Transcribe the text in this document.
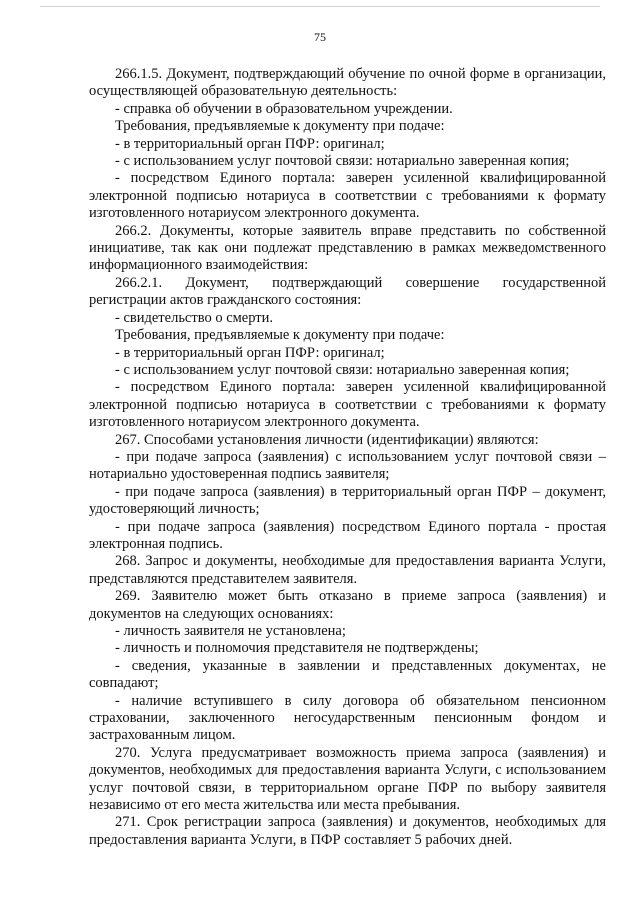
75

266.1.5. Документ, подтверждающий обучение по очной форме в организации, осуществляющей образовательную деятельность:

- справка об обучении в образовательном учреждении.

Требования, предъявляемые к документу при подаче:

- в территориальный орган ПФР: оригинал;

- с использованием услуг почтовой связи: нотариально заверенная копия;

- посредством Единого портала: заверен усиленной квалифицированной электронной подписью нотариуса в соответствии с требованиями к формату изготовленного нотариусом электронного документа.

266.2. Документы, которые заявитель вправе представить по собственной инициативе, так как они подлежат представлению в рамках межведомственного информационного взаимодействия:

266.2.1. Документ, подтверждающий совершение государственной регистрации актов гражданского состояния:

- свидетельство о смерти.

Требования, предъявляемые к документу при подаче:

- в территориальный орган ПФР: оригинал;

- с использованием услуг почтовой связи: нотариально заверенная копия;

- посредством Единого портала: заверен усиленной квалифицированной электронной подписью нотариуса в соответствии с требованиями к формату изготовленного нотариусом электронного документа.

267. Способами установления личности (идентификации) являются:

- при подаче запроса (заявления) с использованием услуг почтовой связи – нотариально удостоверенная подпись заявителя;

- при подаче запроса (заявления) в территориальный орган ПФР – документ, удостоверяющий личность;

- при подаче запроса (заявления) посредством Единого портала - простая электронная подпись.

268. Запрос и документы, необходимые для предоставления варианта Услуги, представляются представителем заявителя.

269. Заявителю может быть отказано в приеме запроса (заявления) и документов на следующих основаниях:

- личность заявителя не установлена;

- личность и полномочия представителя не подтверждены;

- сведения, указанные в заявлении и представленных документах, не совпадают;

- наличие вступившего в силу договора об обязательном пенсионном страховании, заключенного негосударственным пенсионным фондом и застрахованным лицом.

270. Услуга предусматривает возможность приема запроса (заявления) и документов, необходимых для предоставления варианта Услуги, с использованием услуг почтовой связи, в территориальном органе ПФР по выбору заявителя независимо от его места жительства или места пребывания.

271. Срок регистрации запроса (заявления) и документов, необходимых для предоставления варианта Услуги, в ПФР составляет 5 рабочих дней.
